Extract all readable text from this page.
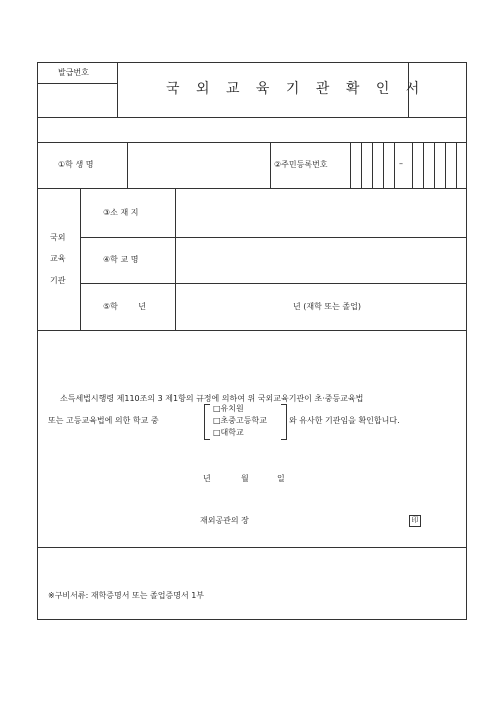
발급번호
국 외 교 육 기 관 확 인 서
①학 생 명	②주민등록번호	–
국외
교육
기관
③소 재 지
④학 교 명
⑤학        년	년 (재학 또는 졸업)
소득세법시행령 제110조의 3 제1항의 규정에 의하여 위 국외교육기관이 초‧중등교육법
또는 고등교육법에 의한 학교 중
□유치원
□초중고등학교
□대학교
와 유사한 기관임을 확인합니다.
년	월	일
재외공관의 장	印
※구비서류: 재학증명서 또는 졸업증명서 1부
